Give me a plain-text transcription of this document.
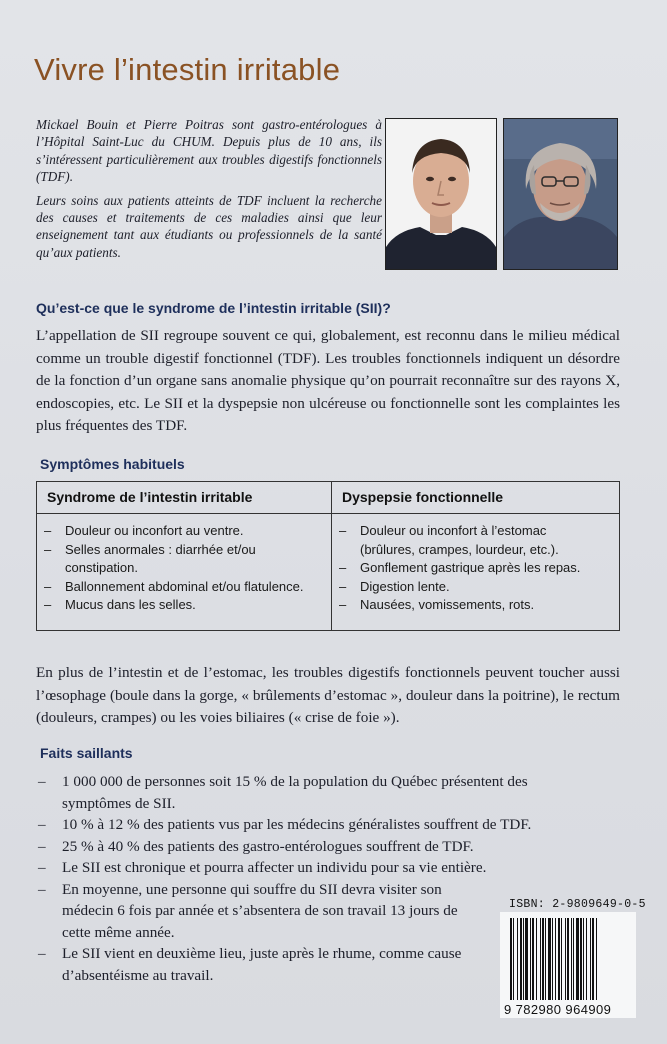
Vivre l’intestin irritable

Mickael Bouin et Pierre Poitras sont gastro-entérologues à l’Hôpital Saint-Luc du CHUM. Depuis plus de 10 ans, ils s’intéressent particulièrement aux troubles digestifs fonctionnels (TDF).

Leurs soins aux patients atteints de TDF incluent la recherche des causes et traitements de ces maladies ainsi que leur enseignement tant aux étudiants ou professionnels de la santé qu’aux patients.

Qu’est-ce que le syndrome de l’intestin irritable (SII)?
L’appellation de SII regroupe souvent ce qui, globalement, est reconnu dans le milieu médical comme un trouble digestif fonctionnel (TDF). Les troubles fonctionnels indiquent un désordre de la fonction d’un organe sans anomalie physique qu’on pourrait reconnaître sur des rayons X, endoscopies, etc. Le SII et la dyspepsie non ulcéreuse ou fonctionnelle sont les complaintes les plus fréquentes des TDF.
Symptômes habituels
Syndrome de l’intestin irritable
– Douleur ou inconfort au ventre.
– Selles anormales : diarrhée et/ou constipation.
– Ballonnement abdominal et/ou flatulence.
– Mucus dans les selles.
Dyspepsie fonctionnelle
– Douleur ou inconfort à l’estomac (brûlures, crampes, lourdeur, etc.).
– Gonflement gastrique après les repas.
– Digestion lente.
– Nausées, vomissements, rots.
En plus de l’intestin et de l’estomac, les troubles digestifs fonctionnels peuvent toucher aussi l’œsophage (boule dans la gorge, « brûlements d’estomac », douleur dans la poitrine), le rectum (douleurs, crampes) ou les voies biliaires (« crise de foie »).
Faits saillants
– 1 000 000 de personnes soit 15 % de la population du Québec présentent des symptômes de SII.
– 10 % à 12 % des patients vus par les médecins généralistes souffrent de TDF.
– 25 % à 40 % des patients des gastro-entérologues souffrent de TDF.
– Le SII est chronique et pourra affecter un individu pour sa vie entière.
– En moyenne, une personne qui souffre du SII devra visiter son médecin 6 fois par année et s’absentera de son travail 13 jours de cette même année.
– Le SII vient en deuxième lieu, juste après le rhume, comme cause d’absentéisme au travail.
ISBN: 2-9809649-0-5
9 782980 964909
